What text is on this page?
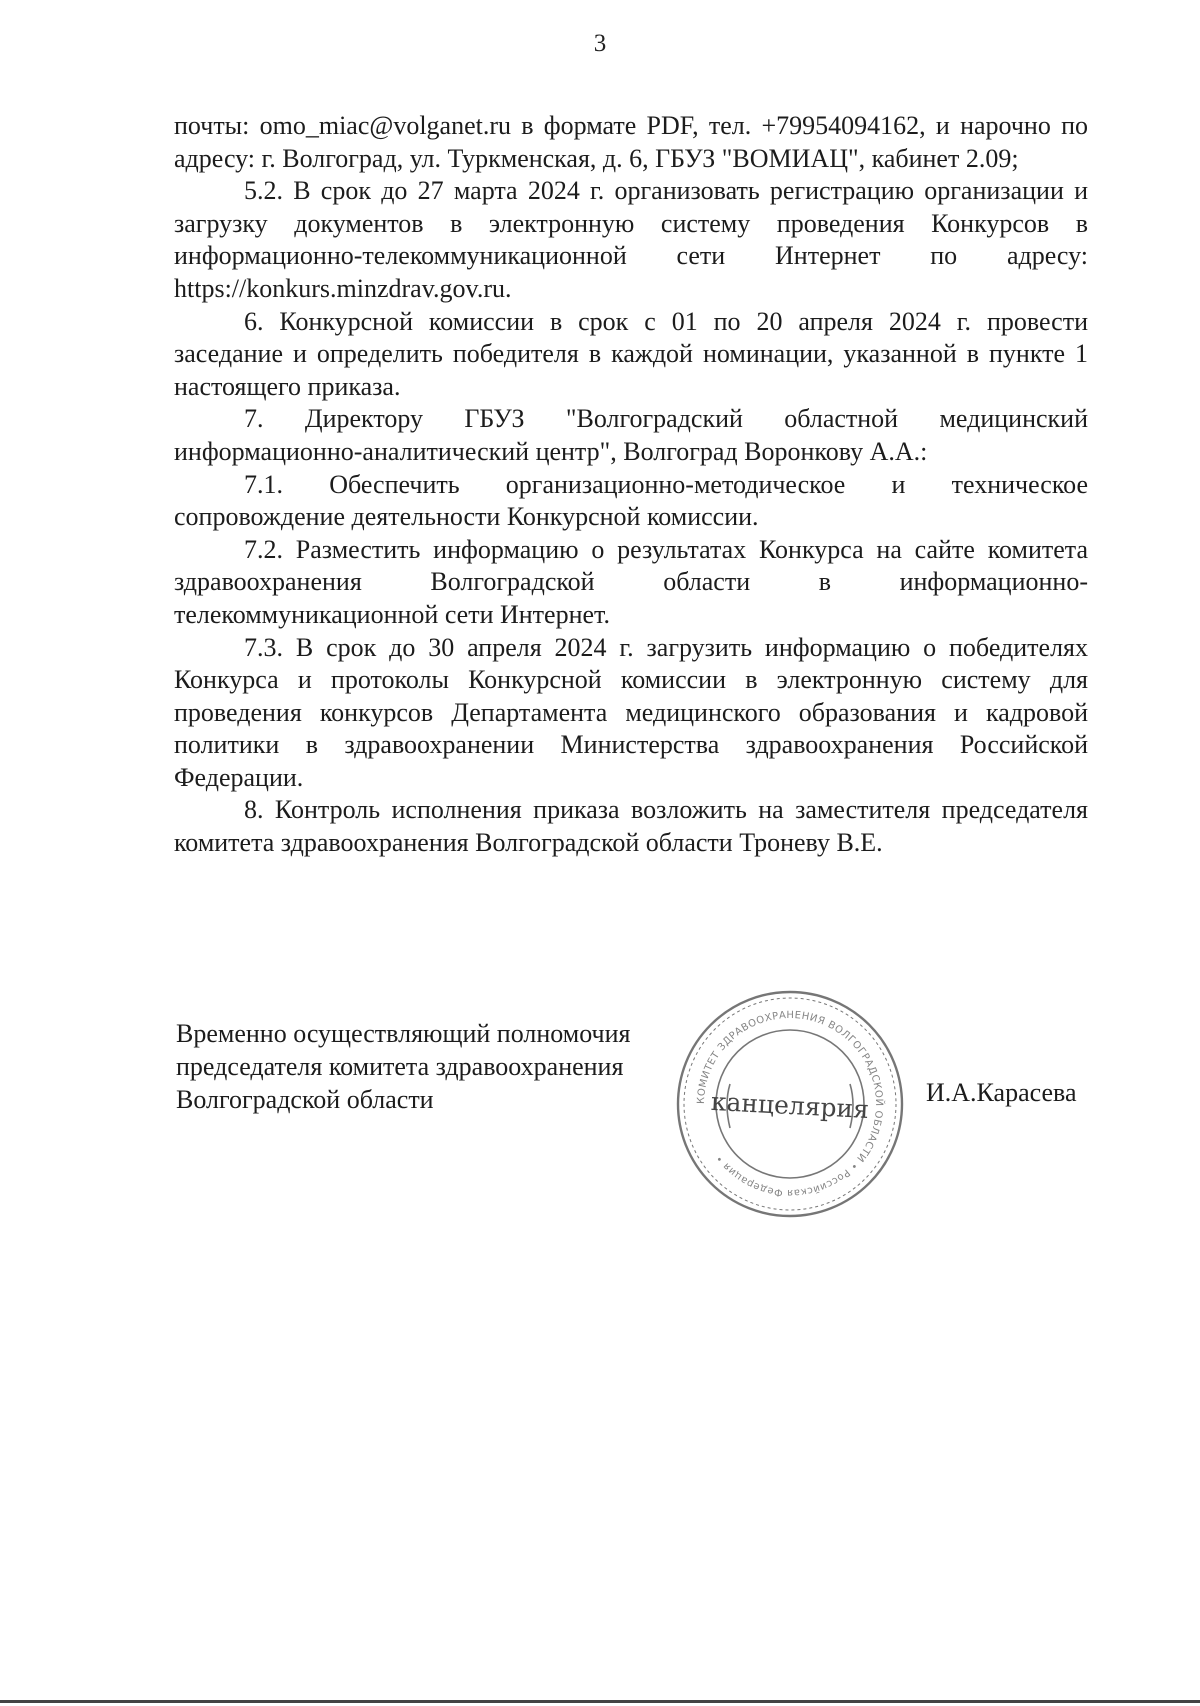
3

почты: omo_miac@volganet.ru в формате PDF, тел. +79954094162, и нарочно по адресу: г. Волгоград, ул. Туркменская, д. 6, ГБУЗ "ВОМИАЦ", кабинет 2.09;

5.2. В срок до 27 марта 2024 г. организовать регистрацию организации и загрузку документов в электронную систему проведения Конкурсов в информационно-телекоммуникационной сети Интернет по адресу: https://konkurs.minzdrav.gov.ru.

6. Конкурсной комиссии в срок с 01 по 20 апреля 2024 г. провести заседание и определить победителя в каждой номинации, указанной в пункте 1 настоящего приказа.

7. Директору ГБУЗ "Волгоградский областной медицинский информационно-аналитический центр", Волгоград Воронкову А.А.:

7.1. Обеспечить организационно-методическое и техническое сопровождение деятельности Конкурсной комиссии.

7.2. Разместить информацию о результатах Конкурса на сайте комитета здравоохранения Волгоградской области в информационно-телекоммуникационной сети Интернет.

7.3. В срок до 30 апреля 2024 г. загрузить информацию о победителях Конкурса и протоколы Конкурсной комиссии в электронную систему для проведения конкурсов Департамента медицинского образования и кадровой политики в здравоохранении Министерства здравоохранения Российской Федерации.

8. Контроль исполнения приказа возложить на заместителя председателя комитета здравоохранения Волгоградской области Троневу В.Е.

Временно осуществляющий полномочия
председателя комитета здравоохранения
Волгоградской области	КОМИТЕТ ЗДРАВООХРАНЕНИЯ ВОЛГОГРАДСКОЙ ОБЛАСТИ • Российская Федерация •
канцелярия И.А.Карасева
